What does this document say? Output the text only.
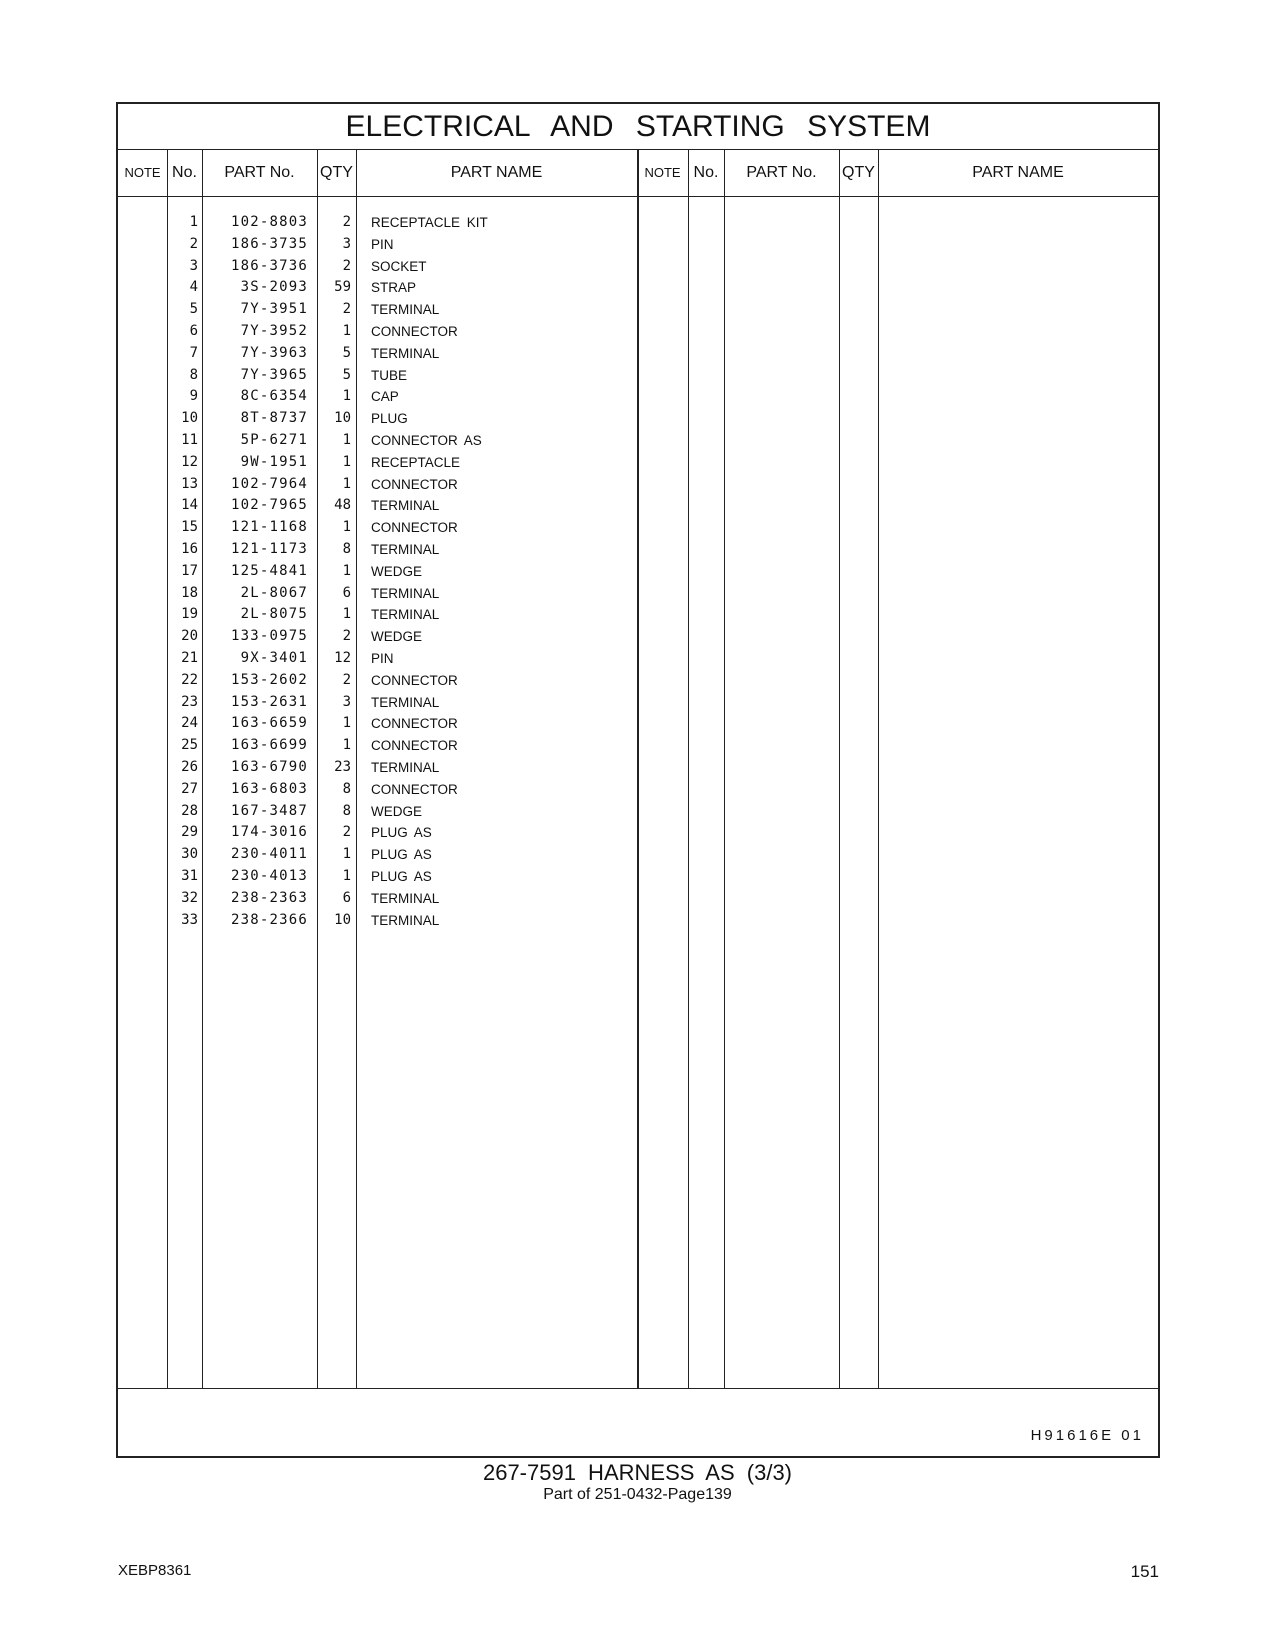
ELECTRICAL AND STARTING SYSTEM
NOTE No.	PART No.	QTY	PART NAME	NOTE No.	PART No.	QTY	PART NAME
1	102-8803	2 RECEPTACLE KIT
2	186-3735	3 PIN
3	186-3736	2 SOCKET
4	3S-2093	59 STRAP
5	7Y-3951	2 TERMINAL
6	7Y-3952	1 CONNECTOR
7	7Y-3963	5 TERMINAL
8	7Y-3965	5 TUBE
9	8C-6354	1 CAP
10	8T-8737	10 PLUG
11	5P-6271	1 CONNECTOR AS
12	9W-1951	1 RECEPTACLE
13	102-7964	1 CONNECTOR
14	102-7965	48 TERMINAL
15	121-1168	1 CONNECTOR
16	121-1173	8 TERMINAL
17	125-4841	1 WEDGE
18	2L-8067	6 TERMINAL
19	2L-8075	1 TERMINAL
20	133-0975	2 WEDGE
21	9X-3401	12 PIN
22	153-2602	2 CONNECTOR
23	153-2631	3 TERMINAL
24	163-6659	1 CONNECTOR
25	163-6699	1 CONNECTOR
26	163-6790	23 TERMINAL
27	163-6803	8 CONNECTOR
28	167-3487	8 WEDGE
29	174-3016	2 PLUG AS
30	230-4011	1 PLUG AS
31	230-4013	1 PLUG AS
32	238-2363	6 TERMINAL
33	238-2366	10 TERMINAL
H91616E 01
267-7591 HARNESS AS (3/3)
Part of 251-0432-Page139
XEBP8361	151
